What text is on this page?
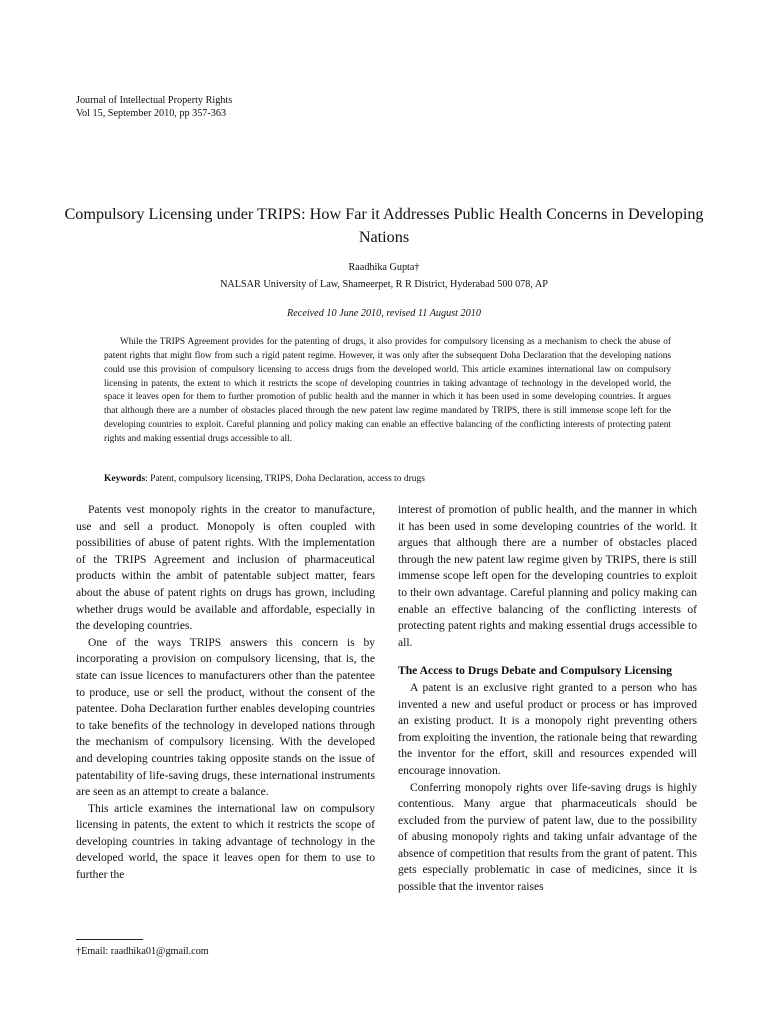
Journal of Intellectual Property Rights
Vol 15, September 2010, pp 357-363
Compulsory Licensing under TRIPS: How Far it Addresses Public Health Concerns in Developing Nations
Raadhika Gupta†
NALSAR University of Law, Shameerpet, R R District, Hyderabad 500 078, AP
Received 10 June 2010, revised 11 August 2010

While the TRIPS Agreement provides for the patenting of drugs, it also provides for compulsory licensing as a mechanism to check the abuse of patent rights that might flow from such a rigid patent regime. However, it was only after the subsequent Doha Declaration that the developing nations could use this provision of compulsory licensing to access drugs from the developed world. This article examines international law on compulsory licensing in patents, the extent to which it restricts the scope of developing countries in taking advantage of technology in the developed world, the space it leaves open for them to further promotion of public health and the manner in which it has been used in some developing countries. It argues that although there are a number of obstacles placed through the new patent law regime mandated by TRIPS, there is still immense scope left for the developing countries to exploit. Careful planning and policy making can enable an effective balancing of the conflicting interests of protecting patent rights and making essential drugs accessible to all.

Keywords: Patent, compulsory licensing, TRIPS, Doha Declaration, access to drugs

Patents vest monopoly rights in the creator to manufacture, use and sell a product. Monopoly is often coupled with possibilities of abuse of patent rights. With the implementation of the TRIPS Agreement and inclusion of pharmaceutical products within the ambit of patentable subject matter, fears about the abuse of patent rights on drugs has grown, including whether drugs would be available and affordable, especially in the developing countries.

One of the ways TRIPS answers this concern is by incorporating a provision on compulsory licensing, that is, the state can issue licences to manufacturers other than the patentee to produce, use or sell the product, without the consent of the patentee. Doha Declaration further enables developing countries to take benefits of the technology in developed nations through the mechanism of compulsory licensing. With the developed and developing countries taking opposite stands on the issue of patentability of life-saving drugs, these international instruments are seen as an attempt to create a balance.

This article examines the international law on compulsory licensing in patents, the extent to which it restricts the scope of developing countries in taking advantage of technology in the developed world, the space it leaves open for them to use to further the

interest of promotion of public health, and the manner in which it has been used in some developing countries of the world. It argues that although there are a number of obstacles placed through the new patent law regime given by TRIPS, there is still immense scope left open for the developing countries to exploit to their own advantage. Careful planning and policy making can enable an effective balancing of the conflicting interests of protecting patent rights and making essential drugs accessible to all.

The Access to Drugs Debate and Compulsory Licensing

A patent is an exclusive right granted to a person who has invented a new and useful product or process or has improved an existing product. It is a monopoly right preventing others from exploiting the invention, the rationale being that rewarding the inventor for the effort, skill and resources expended will encourage innovation.

Conferring monopoly rights over life-saving drugs is highly contentious. Many argue that pharmaceuticals should be excluded from the purview of patent law, due to the possibility of abusing monopoly rights and taking unfair advantage of the absence of competition that results from the grant of patent. This gets especially problematic in case of medicines, since it is possible that the inventor raises

†Email: raadhika01@gmail.com
